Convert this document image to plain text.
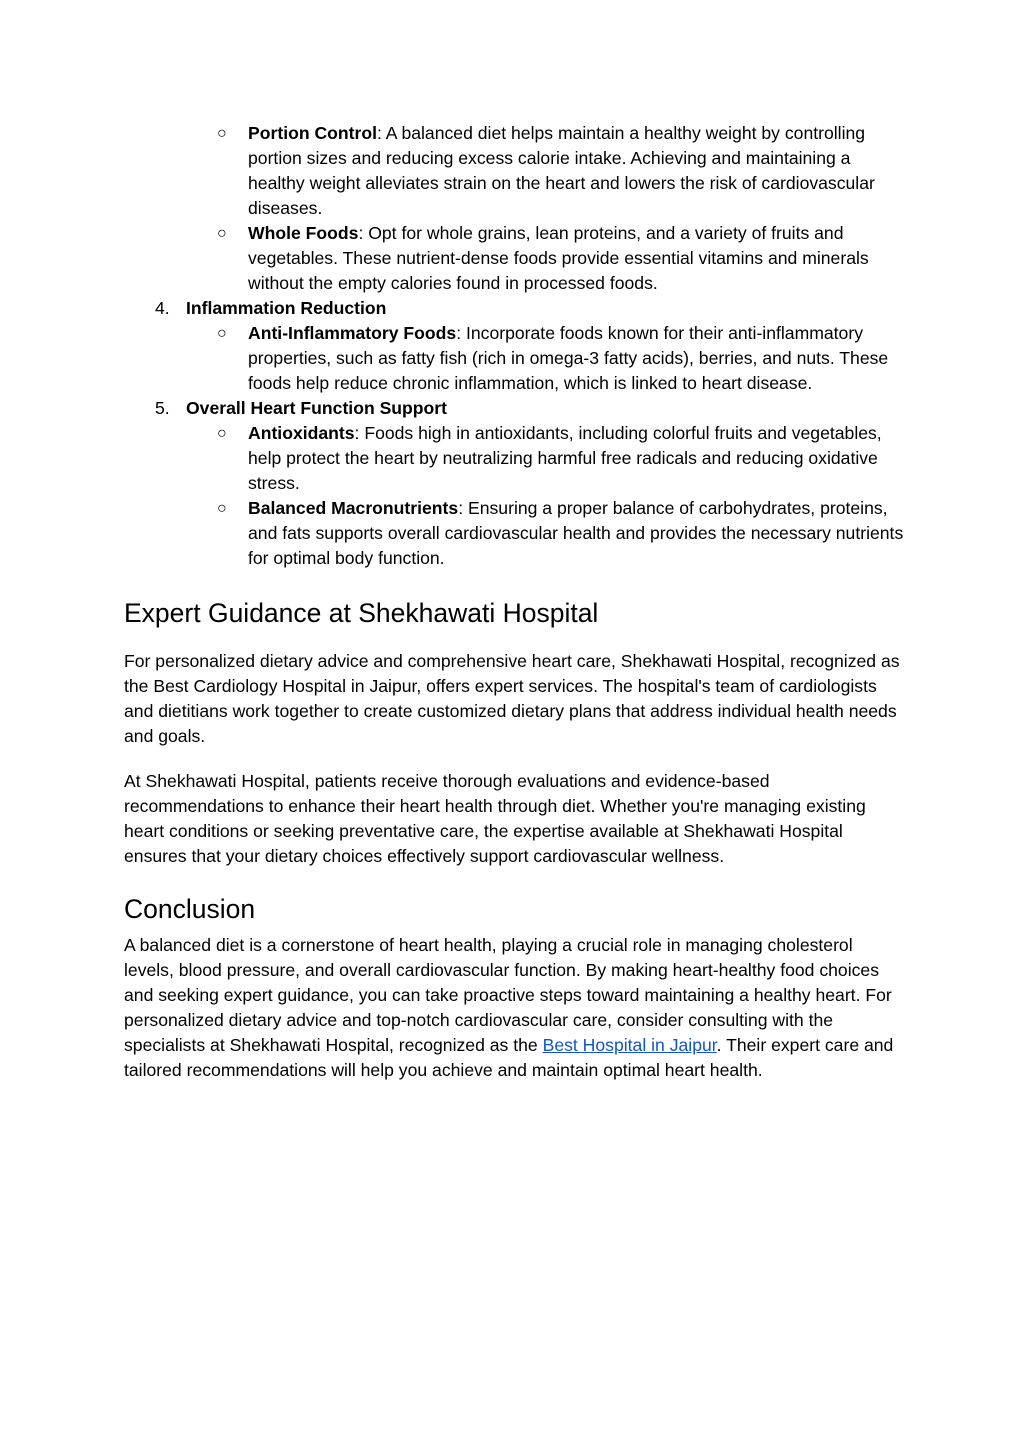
○ Portion Control: A balanced diet helps maintain a healthy weight by controlling portion sizes and reducing excess calorie intake. Achieving and maintaining a healthy weight alleviates strain on the heart and lowers the risk of cardiovascular diseases.
○ Whole Foods: Opt for whole grains, lean proteins, and a variety of fruits and vegetables. These nutrient-dense foods provide essential vitamins and minerals without the empty calories found in processed foods.
4. Inflammation Reduction
○ Anti-Inflammatory Foods: Incorporate foods known for their anti-inflammatory properties, such as fatty fish (rich in omega-3 fatty acids), berries, and nuts. These foods help reduce chronic inflammation, which is linked to heart disease.
5. Overall Heart Function Support
○ Antioxidants: Foods high in antioxidants, including colorful fruits and vegetables, help protect the heart by neutralizing harmful free radicals and reducing oxidative stress.
○ Balanced Macronutrients: Ensuring a proper balance of carbohydrates, proteins, and fats supports overall cardiovascular health and provides the necessary nutrients for optimal body function.
Expert Guidance at Shekhawati Hospital

For personalized dietary advice and comprehensive heart care, Shekhawati Hospital, recognized as the Best Cardiology Hospital in Jaipur, offers expert services. The hospital's team of cardiologists and dietitians work together to create customized dietary plans that address individual health needs and goals.

At Shekhawati Hospital, patients receive thorough evaluations and evidence-based recommendations to enhance their heart health through diet. Whether you're managing existing heart conditions or seeking preventative care, the expertise available at Shekhawati Hospital ensures that your dietary choices effectively support cardiovascular wellness.

Conclusion

A balanced diet is a cornerstone of heart health, playing a crucial role in managing cholesterol levels, blood pressure, and overall cardiovascular function. By making heart-healthy food choices and seeking expert guidance, you can take proactive steps toward maintaining a healthy heart. For personalized dietary advice and top-notch cardiovascular care, consider consulting with the specialists at Shekhawati Hospital, recognized as the Best Hospital in Jaipur. Their expert care and tailored recommendations will help you achieve and maintain optimal heart health.
